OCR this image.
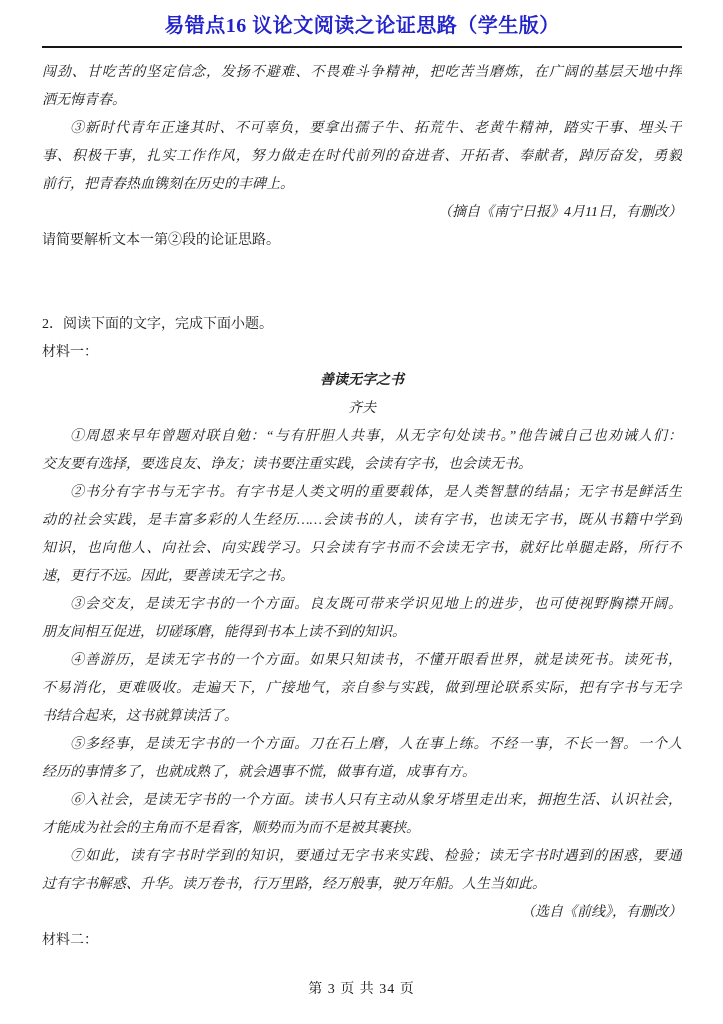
易错点16 议论文阅读之论证思路（学生版）
闯劲、甘吃苦的坚定信念，发扬不避难、不畏难斗争精神，把吃苦当磨炼，在广阔的基层天地中挥
洒无悔青春。
③新时代青年正逢其时、不可辜负，要拿出孺子牛、拓荒牛、老黄牛精神，踏实干事、埋头干
事、积极干事，扎实工作作风，努力做走在时代前列的奋进者、开拓者、奉献者，踔厉奋发，勇毅
前行，把青春热血镌刻在历史的丰碑上。
（摘自《南宁日报》4月11日，有删改）
请简要解析文本一第②段的论证思路。
2．阅读下面的文字，完成下面小题。
材料一：
善读无字之书
齐夫
①周恩来早年曾题对联自勉：“与有肝胆人共事，从无字句处读书。”他告诫自己也劝诫人们：
交友要有选择，要选良友、诤友；读书要注重实践，会读有字书，也会读无书。
②书分有字书与无字书。有字书是人类文明的重要载体，是人类智慧的结晶；无字书是鲜活生
动的社会实践，是丰富多彩的人生经历……会读书的人，读有字书，也读无字书，既从书籍中学到
知识，也向他人、向社会、向实践学习。只会读有字书而不会读无字书，就好比单腿走路，所行不
速，更行不远。因此，要善读无字之书。
③会交友，是读无字书的一个方面。良友既可带来学识见地上的进步，也可使视野胸襟开阔。
朋友间相互促进，切磋琢磨，能得到书本上读不到的知识。
④善游历，是读无字书的一个方面。如果只知读书，不懂开眼看世界，就是读死书。读死书，
不易消化，更难吸收。走遍天下，广接地气，亲自参与实践，做到理论联系实际，把有字书与无字
书结合起来，这书就算读活了。
⑤多经事，是读无字书的一个方面。刀在石上磨，人在事上练。不经一事，不长一智。一个人
经历的事情多了，也就成熟了，就会遇事不慌，做事有道，成事有方。
⑥入社会，是读无字书的一个方面。读书人只有主动从象牙塔里走出来，拥抱生活、认识社会，
才能成为社会的主角而不是看客，顺势而为而不是被其裹挟。
⑦如此，读有字书时学到的知识，要通过无字书来实践、检验；读无字书时遇到的困惑，要通
过有字书解惑、升华。读万卷书，行万里路，经万般事，驶万年船。人生当如此。
（选自《前线》，有删改）
材料二：
第 3 页 共 34 页
